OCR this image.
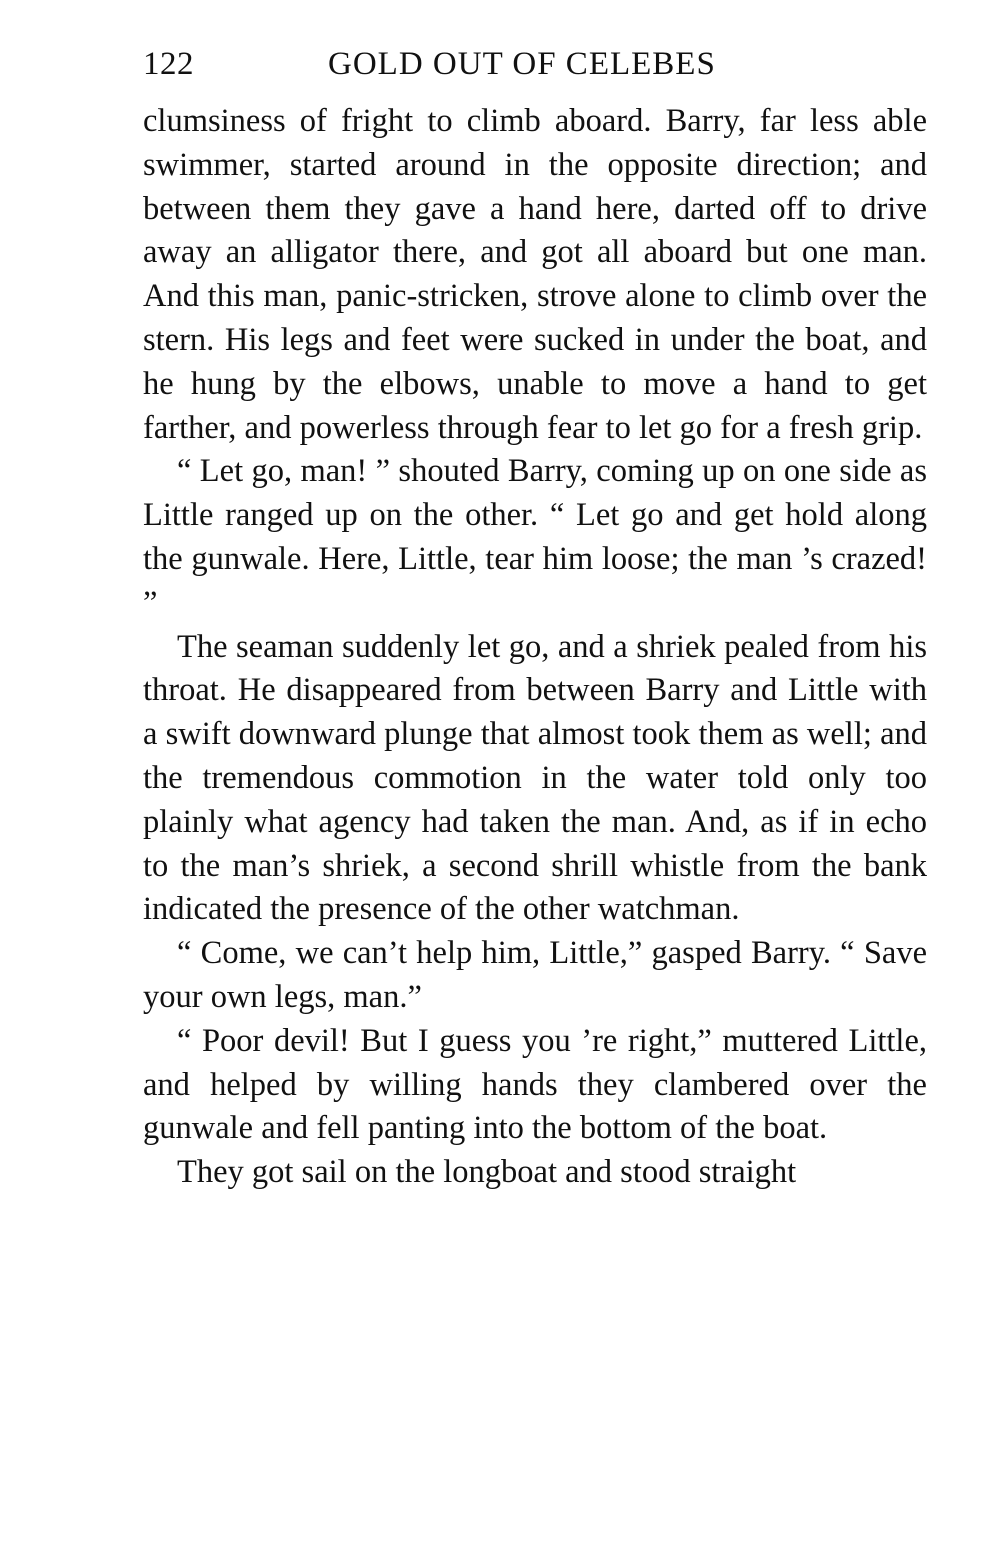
122	GOLD OUT OF CELEBES

clumsiness of fright to climb aboard. Barry, far less able swimmer, started around in the opposite direction; and between them they gave a hand here, darted off to drive away an alligator there, and got all aboard but one man. And this man, panic-stricken, strove alone to climb over the stern. His legs and feet were sucked in under the boat, and he hung by the elbows, unable to move a hand to get farther, and powerless through fear to let go for a fresh grip.

“ Let go, man! ” shouted Barry, coming up on one side as Little ranged up on the other. “ Let go and get hold along the gunwale. Here, Little, tear him loose; the man ’s crazed! ”

The seaman suddenly let go, and a shriek pealed from his throat. He disappeared from between Barry and Little with a swift downward plunge that almost took them as well; and the tremendous commotion in the water told only too plainly what agency had taken the man. And, as if in echo to the man’s shriek, a second shrill whistle from the bank indicated the presence of the other watchman.

“ Come, we can’t help him, Little,” gasped Barry. “ Save your own legs, man.”

“ Poor devil! But I guess you ’re right,” muttered Little, and helped by willing hands they clambered over the gunwale and fell panting into the bottom of the boat.

They got sail on the longboat and stood straight
